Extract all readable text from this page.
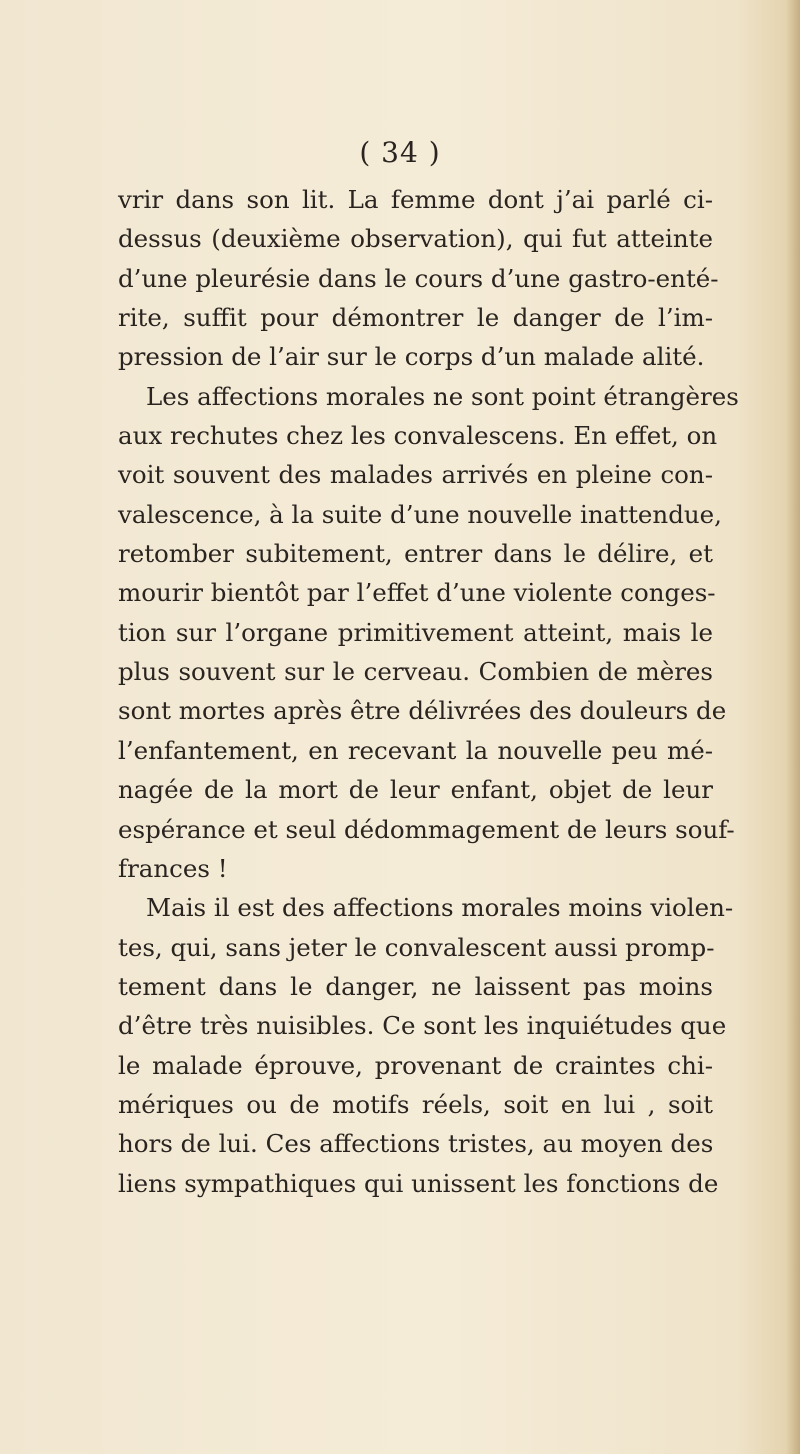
( 34 )
vrir dans son lit. La femme dont j’ai parlé ci-
dessus (deuxième observation), qui fut atteinte
d’une pleurésie dans le cours d’une gastro-enté-
rite, suffit pour démontrer le danger de l’im-
pression de l’air sur le corps d’un malade alité.
Les affections morales ne sont point étrangères
aux rechutes chez les convalescens. En effet, on
voit souvent des malades arrivés en pleine con-
valescence, à la suite d’une nouvelle inattendue,
retomber subitement, entrer dans le délire, et
mourir bientôt par l’effet d’une violente conges-
tion sur l’organe primitivement atteint, mais le
plus souvent sur le cerveau. Combien de mères
sont mortes après être délivrées des douleurs de
l’enfantement, en recevant la nouvelle peu mé-
nagée de la mort de leur enfant, objet de leur
espérance et seul dédommagement de leurs souf-
frances !
Mais il est des affections morales moins violen-
tes, qui, sans jeter le convalescent aussi promp-
tement dans le danger, ne laissent pas moins
d’être très nuisibles. Ce sont les inquiétudes que
le malade éprouve, provenant de craintes chi-
mériques ou de motifs réels, soit en lui , soit
hors de lui. Ces affections tristes, au moyen des
liens sympathiques qui unissent les fonctions de
